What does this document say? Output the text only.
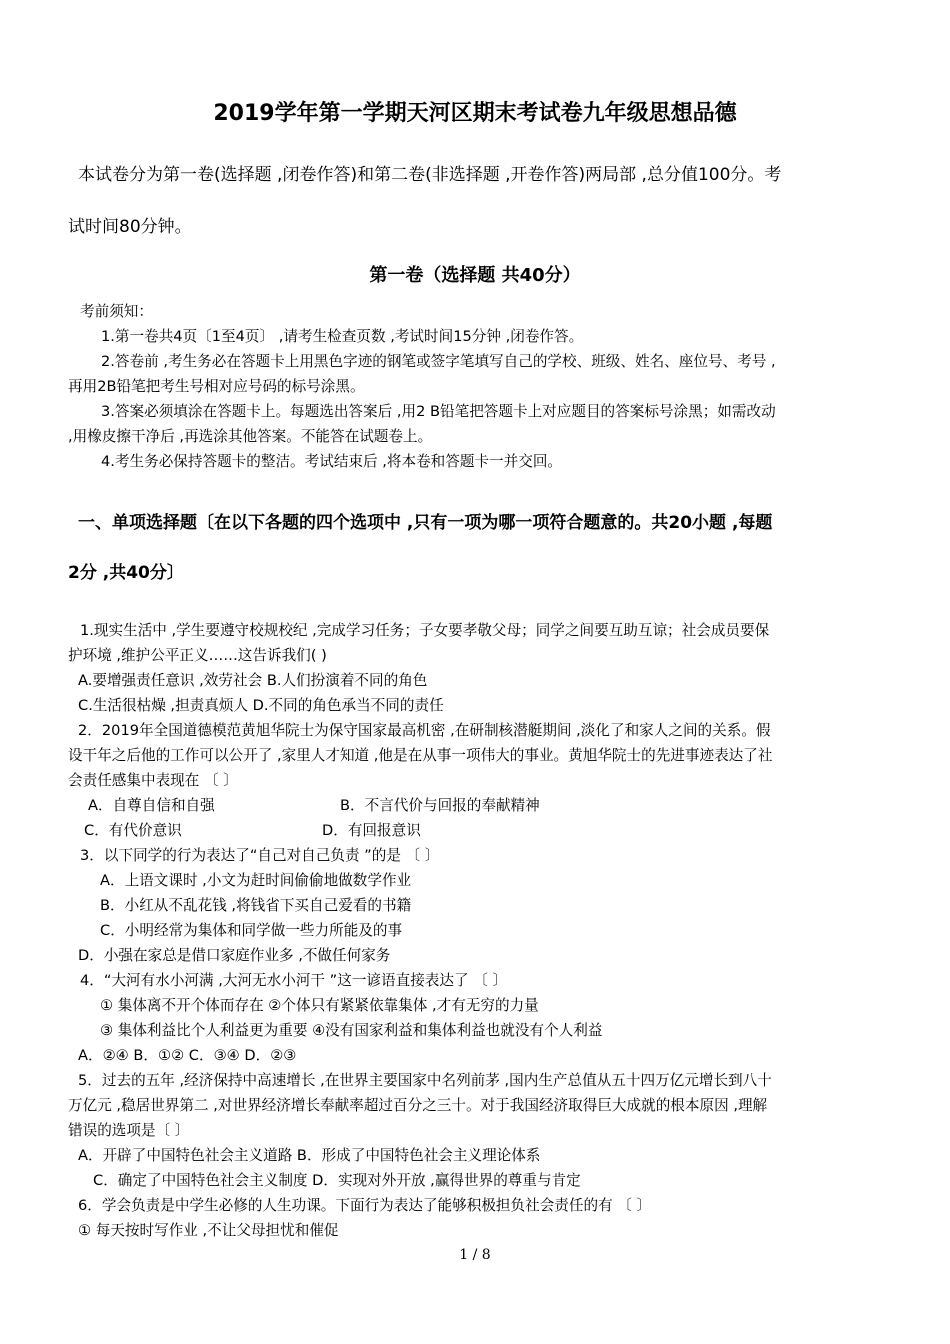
2019学年第一学期天河区期末考试卷九年级思想品德
本试卷分为第一卷(选择题 ,闭卷作答)和第二卷(非选择题 ,开卷作答)两局部 ,总分值100分。考
试时间80分钟。
第一卷（选择题 共40分）
考前须知：
1.第一卷共4页〔1至4页〕 ,请考生检查页数 ,考试时间15分钟 ,闭卷作答。
2.答卷前 ,考生务必在答题卡上用黑色字迹的钢笔或签字笔填写自己的学校、班级、姓名、座位号、考号 ,
再用2B铅笔把考生号相对应号码的标号涂黑。
3.答案必须填涂在答题卡上。每题选出答案后 ,用2 B铅笔把答题卡上对应题目的答案标号涂黑；如需改动
,用橡皮擦干净后 ,再选涂其他答案。不能答在试题卷上。
4.考生务必保持答题卡的整洁。考试结束后 ,将本卷和答题卡一并交回。
一、单项选择题〔在以下各题的四个选项中 ,只有一项为哪一项符合题意的。共20小题 ,每题
2分 ,共40分〕
1.现实生活中 ,学生要遵守校规校纪 ,完成学习任务；子女要孝敬父母；同学之间要互助互谅；社会成员要保
护环境 ,维护公平正义……这告诉我们( )
A.要增强责任意识 ,效劳社会 B.人们扮演着不同的角色
C.生活很枯燥 ,担责真烦人 D.不同的角色承当不同的责任
2．2019年全国道德模范黄旭华院士为保守国家最高机密 ,在研制核潜艇期间 ,淡化了和家人之间的关系。假
设干年之后他的工作可以公开了 ,家里人才知道 ,他是在从事一项伟大的事业。黄旭华院士的先进事迹表达了社
会责任感集中表现在 〔 〕
A．自尊自信和自强	B．不言代价与回报的奉献精神
C．有代价意识	D．有回报意识
3．以下同学的行为表达了“自己对自己负责 ”的是 〔 〕
A．上语文课时 ,小文为赶时间偷偷地做数学作业
B．小红从不乱花钱 ,将钱省下买自己爱看的书籍
C．小明经常为集体和同学做一些力所能及的事
D．小强在家总是借口家庭作业多 ,不做任何家务
4．“大河有水小河满 ,大河无水小河干 ”这一谚语直接表达了 〔 〕
① 集体离不开个体而存在 ②个体只有紧紧依靠集体 ,才有无穷的力量
③ 集体利益比个人利益更为重要 ④没有国家利益和集体利益也就没有个人利益
A．②④ B．①② C．③④ D．②③
5．过去的五年 ,经济保持中高速增长 ,在世界主要国家中名列前茅 ,国内生产总值从五十四万亿元增长到八十
万亿元 ,稳居世界第二 ,对世界经济增长奉献率超过百分之三十。对于我国经济取得巨大成就的根本原因 ,理解
错误的选项是〔 〕
A．开辟了中国特色社会主义道路 B．形成了中国特色社会主义理论体系
C．确定了中国特色社会主义制度 D．实现对外开放 ,赢得世界的尊重与肯定
6．学会负责是中学生必修的人生功课。下面行为表达了能够积极担负社会责任的有 〔 〕
① 每天按时写作业 ,不让父母担忧和催促
1 / 8
